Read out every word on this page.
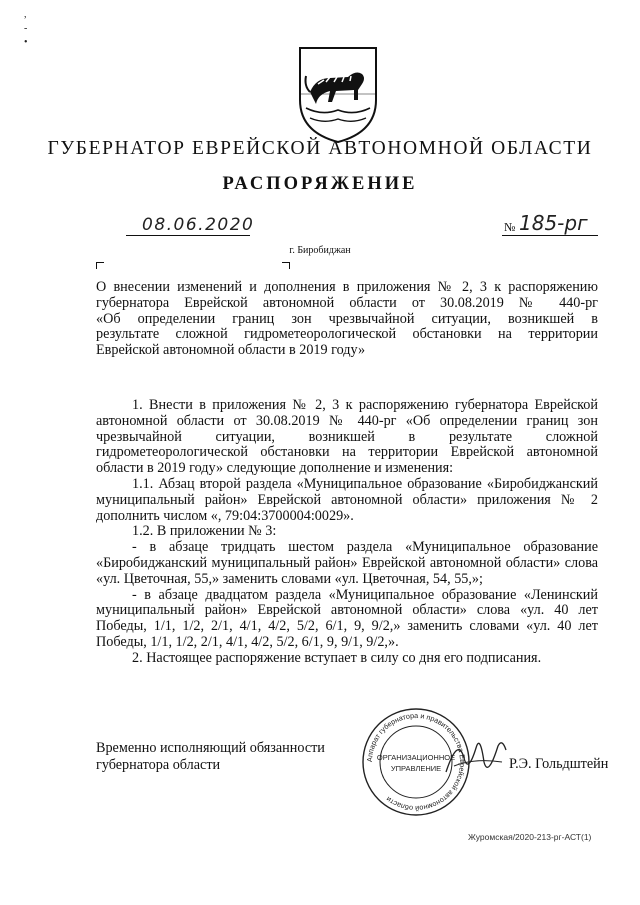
,
-
•
ГУБЕРНАТОР ЕВРЕЙСКОЙ АВТОНОМНОЙ ОБЛАСТИ
РАСПОРЯЖЕНИЕ
08.06.2020	№ 185-рг
г. Биробиджан
О внесении изменений и дополнения в приложения № 2, 3 к распоряжению
губернатора Еврейской автономной области от 30.08.2019 № 440-рг
«Об определении границ зон чрезвычайной ситуации, возникшей в
результате сложной гидрометеорологической обстановки на территории
Еврейской автономной области в 2019 году»

1. Внести в приложения № 2, 3 к распоряжению губернатора Еврейской автономной области от 30.08.2019 № 440-рг «Об определении границ зон чрезвычайной ситуации, возникшей в результате сложной гидрометеорологической обстановки на территории Еврейской автономной области в 2019 году» следующие дополнение и изменения:

1.1. Абзац второй раздела «Муниципальное образование «Биробиджанский муниципальный район» Еврейской автономной области» приложения № 2 дополнить числом «, 79:04:3700004:0029».

1.2. В приложении № 3:

- в абзаце тридцать шестом раздела «Муниципальное образование «Биробиджанский муниципальный район» Еврейской автономной области» слова «ул. Цветочная, 55,» заменить словами «ул. Цветочная, 54, 55,»;

- в абзаце двадцатом раздела «Муниципальное образование «Ленинский муниципальный район» Еврейской автономной области» слова «ул. 40 лет Победы, 1/1, 1/2, 2/1, 4/1, 4/2, 5/2, 6/1, 9, 9/2,» заменить словами «ул. 40 лет Победы, 1/1, 1/2, 2/1, 4/1, 4/2, 5/2, 6/1, 9, 9/1, 9/2,».

2. Настоящее распоряжение вступает в силу со дня его подписания.

Временно исполняющий обязанности
губернатора области	Аппарат губернатора и правительства Еврейской автономной области
ОРГАНИЗАЦИОННОЕ
УПРАВЛЕНИЕ	Р.Э. Гольдштейн
Журомская/2020-213-рг-АСТ(1)
